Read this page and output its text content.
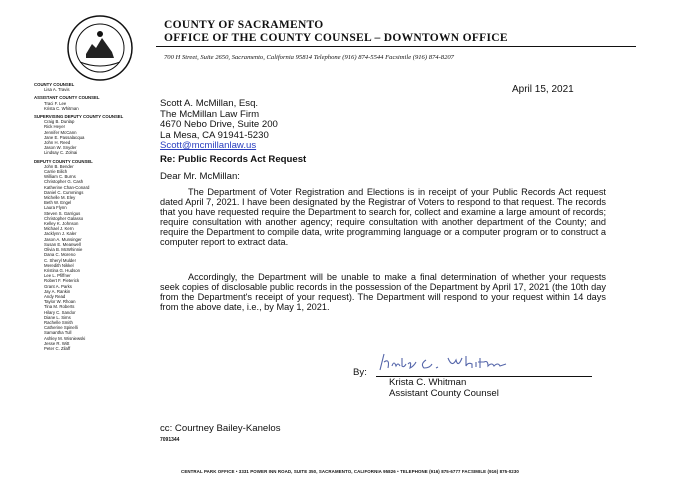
COUNTY OF SACRAMENTO
OFFICE OF THE COUNTY COUNSEL – DOWNTOWN OFFICE
700 H Street, Suite 2650, Sacramento, California 95814 Telephone (916) 874-5544 Facsimile (916) 874-8207
COUNTY COUNSEL
Lisa A. Travis
ASSISTANT COUNTY COUNSEL
Traci F. Lee
Krista C. Whitman
SUPERVISING DEPUTY COUNTY COUNSEL
Craig B. Dunlap
Rick Heyer
Jennifer McCann
Jane E. Passalacqua
John H. Reed
Jason W. Snyder
Lindsay C. Zolnai
DEPUTY COUNTY COUNSEL
John B. Bender
Carrie Bilich
William C. Burns
Christopher G. Cash
Katherine Chan-Conard
Daniel C. Cummings
Michelle M. Eley
Beth W. Engel
Laura Flynn
Steven S. Garrigus
Christopher Galasso
Kelley K. Johnson
Michael J. Kern
Jacklynn J. Kaler
Jason A. Munsinger
Susan E. Meanwell
Olivia B. McWhinnie
Dana C. Moreno
C. Sheryl Mulder
Meredith Nikkel
Kristina G. Hudson
Lee L. Pfiffner
Robert F. Pieterick
Grant A. Parks
Jay A. Rankin
Andy Read
Taylor W. Rhoan
Tina M. Roberts
Hilary C. Sandor
Diane L. Sims
Rachelle Smith
Catherine Spinelli
Samantha Tull
Ashley M. Wisniewski
Jesse R. Witt
Peter C. Zilaff
April 15, 2021
Scott A. McMillan, Esq.
The McMillan Law Firm
4670 Nebo Drive, Suite 200
La Mesa, CA 91941-5230
Scott@mcmillanlaw.us
Re: Public Records Act Request
Dear Mr. McMillan:
The Department of Voter Registration and Elections is in receipt of your Public Records Act request dated April 7, 2021. I have been designated by the Registrar of Voters to respond to that request. The records that you have requested require the Department to search for, collect and examine a large amount of records; require consultation with another agency; require consultation with another department of the County; and require the Department to compile data, write programming language or a computer program or to construct a computer report to extract data.
Accordingly, the Department will be unable to make a final determination of whether your requests seek copies of disclosable public records in the possession of the Department by April 17, 2021 (the 10th day from the Department's receipt of your request). The Department will respond to your request within 14 days from the above date, i.e., by May 1, 2021.
By:
Krista C. Whitman
Assistant County Counsel
cc: Courtney Bailey-Kanelos
7091344
CENTRAL PARK OFFICE • 3331 POWER INN ROAD, SUITE 350, SACRAMENTO, CALIFORNIA 95826 • TELEPHONE (916) 875-6777 FACSIMILE (916) 875-0230
